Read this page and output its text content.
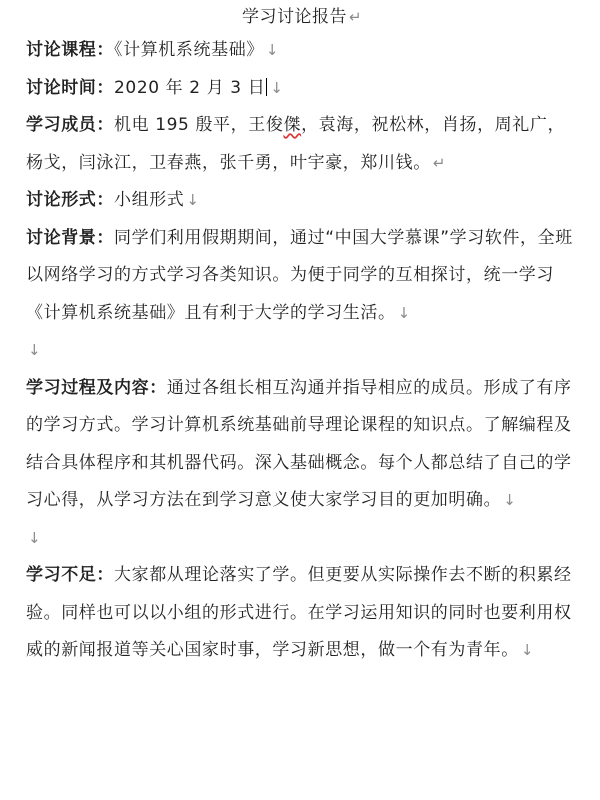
学习讨论报告 ↵

讨论课程：《计算机系统基础》 ↓

讨论时间：2020 年 2 月 3 日 ↓

学习成员：机电 195 殷平，王俊傑，袁海，祝松林，肖扬，周礼广，杨戈，闫泳江，卫春燕，张千勇，叶宇豪，郑川钱。 ↵

讨论形式：小组形式 ↓

讨论背景：同学们利用假期期间，通过“中国大学慕课”学习软件，全班以网络学习的方式学习各类知识。为便于同学的互相探讨，统一学习《计算机系统基础》且有利于大学的学习生活。 ↓

↓

学习过程及内容：通过各组长相互沟通并指导相应的成员。形成了有序的学习方式。学习计算机系统基础前导理论课程的知识点。了解编程及结合具体程序和其机器代码。深入基础概念。每个人都总结了自己的学习心得，从学习方法在到学习意义使大家学习目的更加明确。 ↓

↓

学习不足：大家都从理论落实了学。但更要从实际操作去不断的积累经验。同样也可以以小组的形式进行。在学习运用知识的同时也要利用权威的新闻报道等关心国家时事，学习新思想，做一个有为青年。 ↓
